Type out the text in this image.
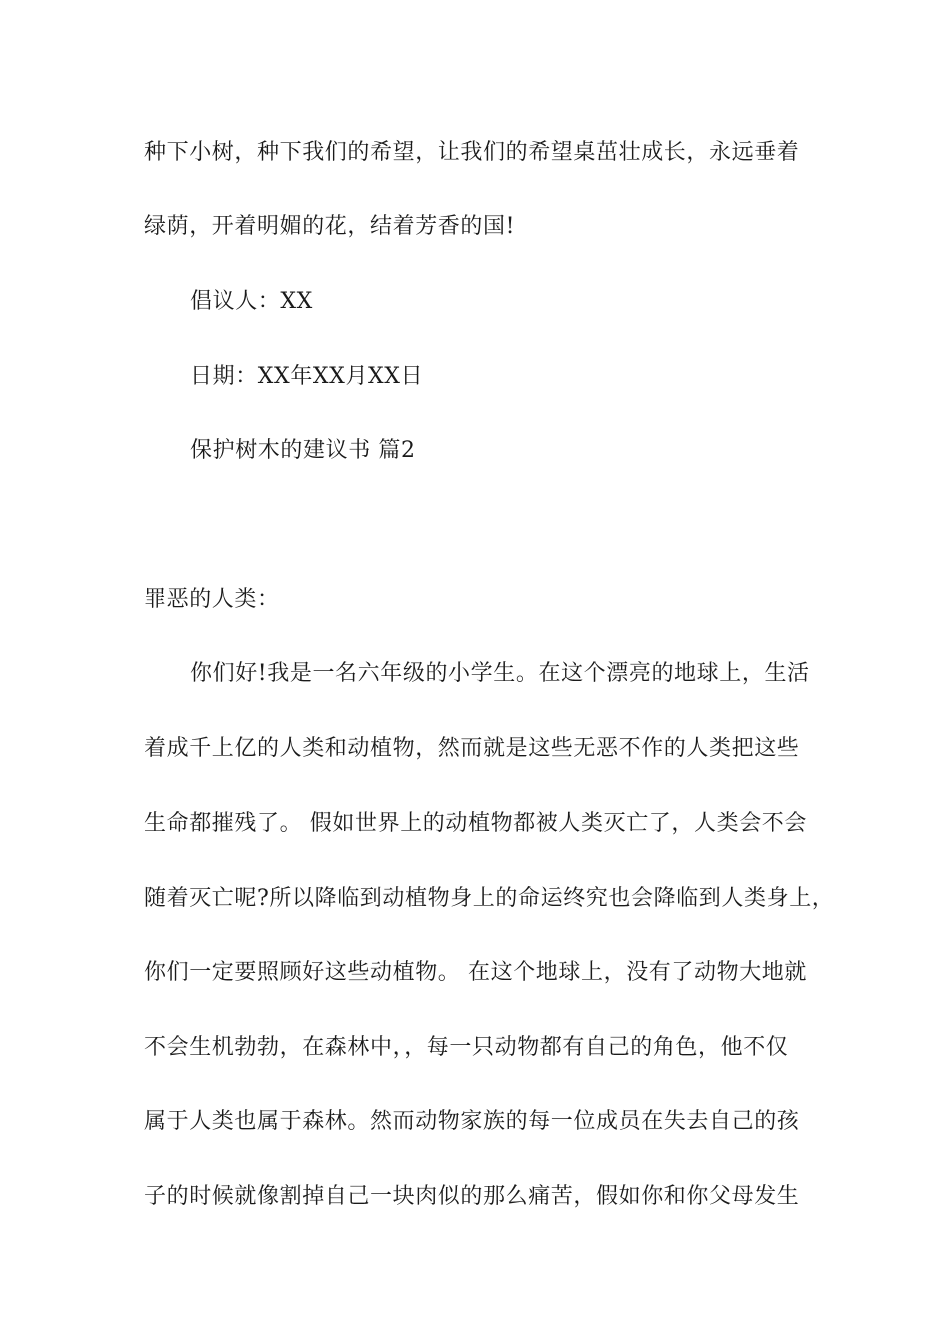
种下小树，种下我们的希望，让我们的希望桌茁壮成长，永远垂着
绿荫，开着明媚的花，结着芳香的国!
倡议人：XX
日期：XX年XX月XX日
保护树木的建议书 篇2
罪恶的人类：
你们好!我是一名六年级的小学生。在这个漂亮的地球上，生活
着成千上亿的人类和动植物，然而就是这些无恶不作的人类把这些
生命都摧残了。 假如世界上的动植物都被人类灭亡了，人类会不会
随着灭亡呢?所以降临到动植物身上的命运终究也会降临到人类身上，
你们一定要照顾好这些动植物。 在这个地球上，没有了动物大地就
不会生机勃勃，在森林中，，每一只动物都有自己的角色，他不仅
属于人类也属于森林。然而动物家族的每一位成员在失去自己的孩
子的时候就像割掉自己一块肉似的那么痛苦，假如你和你父母发生
